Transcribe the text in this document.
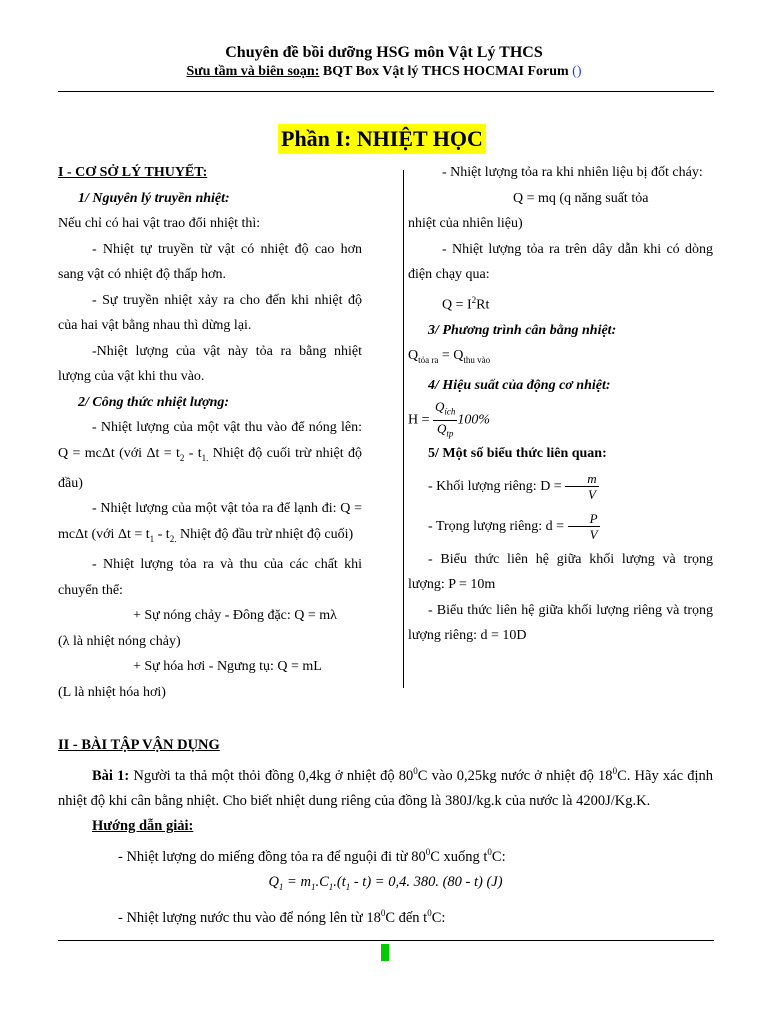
Chuyên đề bồi dưỡng HSG môn Vật Lý THCS
Sưu tầm và biên soạn: BQT Box Vật lý THCS HOCMAI Forum ()
Phần I: NHIỆT HỌC

I - CƠ SỞ LÝ THUYẾT:

1/ Nguyên lý truyền nhiệt:

Nếu chỉ có hai vật trao đổi nhiệt thì:

- Nhiệt tự truyền từ vật có nhiệt độ cao hơn sang vật có nhiệt độ thấp hơn.

- Sự truyền nhiệt xảy ra cho đến khi nhiệt độ của hai vật bằng nhau thì dừng lại.

-Nhiệt lượng của vật này tỏa ra bằng nhiệt lượng của vật khi thu vào.

2/ Công thức nhiệt lượng:

- Nhiệt lượng của một vật thu vào để nóng lên: Q = mcΔt (với $\Delta t = t_2 - t_{1.}$ Nhiệt độ cuối trừ nhiệt độ đầu)

- Nhiệt lượng của một vật tỏa ra để lạnh đi: Q = mcΔt (với $\Delta t = t_1 - t_{2.}$ Nhiệt độ đầu trừ nhiệt độ cuối)

- Nhiệt lượng tỏa ra và thu của các chất khi chuyển thể:

+ Sự nóng chảy - Đông đặc: Q = mλ

(λ là nhiệt nóng chảy)

+ Sự hóa hơi - Ngưng tụ: Q = mL

(L là nhiệt hóa hơi)

- Nhiệt lượng tỏa ra khi nhiên liệu bị đốt cháy:

Q = mq (q năng suất tỏa

nhiệt của nhiên liệu)

- Nhiệt lượng tỏa ra trên dây dẫn khi có dòng điện chạy qua:

$Q = I^2Rt$

3/ Phương trình cân bằng nhiệt:

$Q_{tỏa ra} = Q_{thu vào}$

4/ Hiệu suất của động cơ nhiệt:

$H = \frac{Q_{ích}}{Q_{tp}} 100\%$

5/ Một số biểu thức liên quan:

- Khối lượng riêng: $D = \frac{m}{V}$

- Trọng lượng riêng: $d = \frac{P}{V}$

- Biểu thức liên hệ giữa khối lượng và trọng lượng: P = 10m

- Biểu thức liên hệ giữa khối lượng riêng và trọng lượng riêng: d = 10D

II - BÀI TẬP VẬN DỤNG

Bài 1: Người ta thả một thỏi đồng 0,4kg ở nhiệt độ $80^0C$ vào 0,25kg nước ở nhiệt độ $18^0C$. Hãy xác định nhiệt độ khi cân bằng nhiệt. Cho biết nhiệt dung riêng của đồng là 380J/kg.k của nước là 4200J/Kg.K.

Hướng dẫn giải:

- Nhiệt lượng do miếng đồng tỏa ra để nguội đi từ $80^0C$ xuống $t^0C$:

$Q_1 = m_1.C_1.(t_1 - t) = 0,4$. 380. (80 - t) (J)

- Nhiệt lượng nước thu vào để nóng lên từ $18^0C$ đến $t^0C$:
